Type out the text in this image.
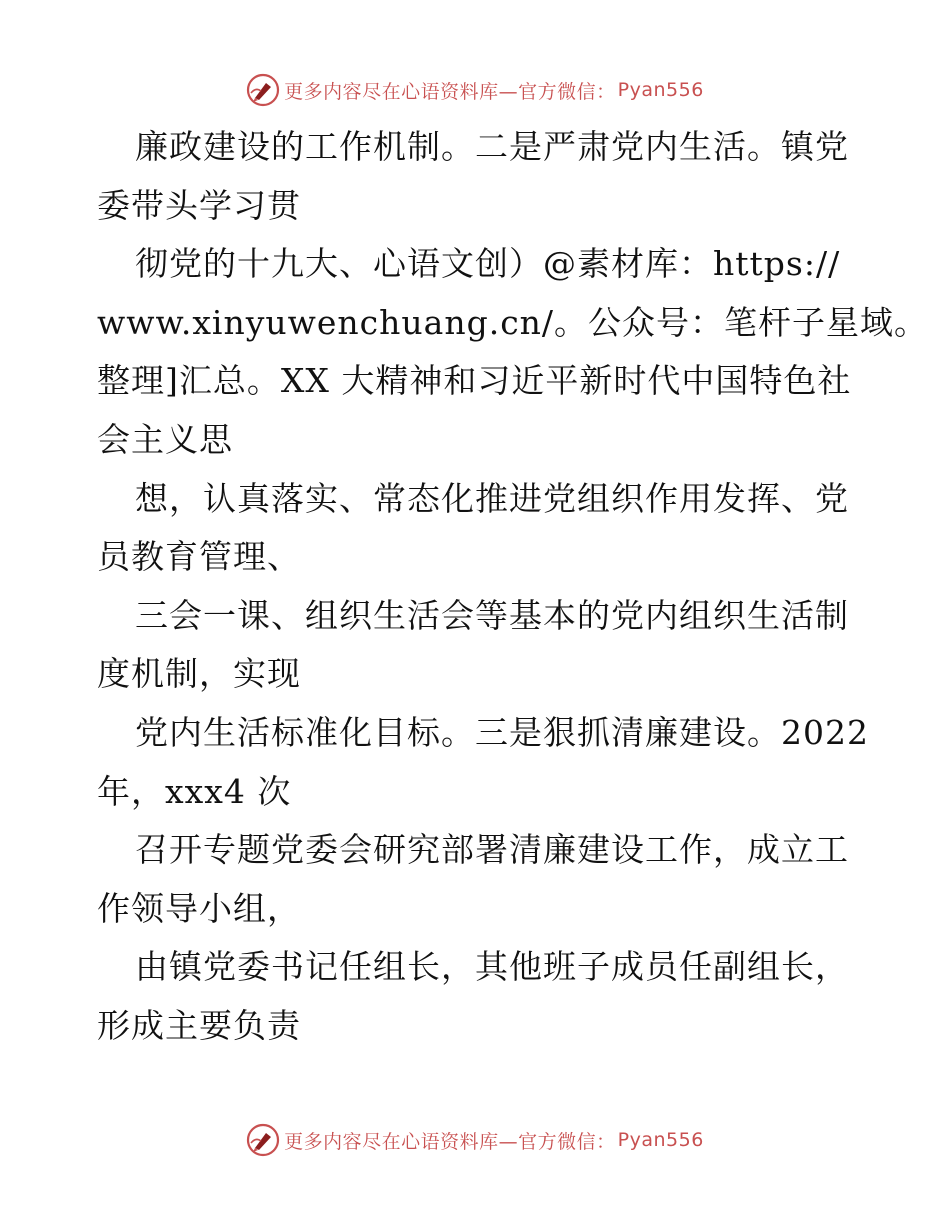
更多内容尽在心语资料库—官方微信： Pyan556
廉政建设的工作机制。二是严肃党内生活。镇党
委带头学习贯
彻党的十九大、心语文创）@素材库：https://
www.xinyuwenchuang.cn/。公众号：笔杆子星域。
整理]汇总。XX 大精神和习近平新时代中国特色社
会主义思
想，认真落实、常态化推进党组织作用发挥、党
员教育管理、
三会一课、组织生活会等基本的党内组织生活制
度机制，实现
党内生活标准化目标。三是狠抓清廉建设。2022
年，xxx4 次
召开专题党委会研究部署清廉建设工作，成立工
作领导小组，
由镇党委书记任组长，其他班子成员任副组长，
形成主要负责
更多内容尽在心语资料库—官方微信： Pyan556
